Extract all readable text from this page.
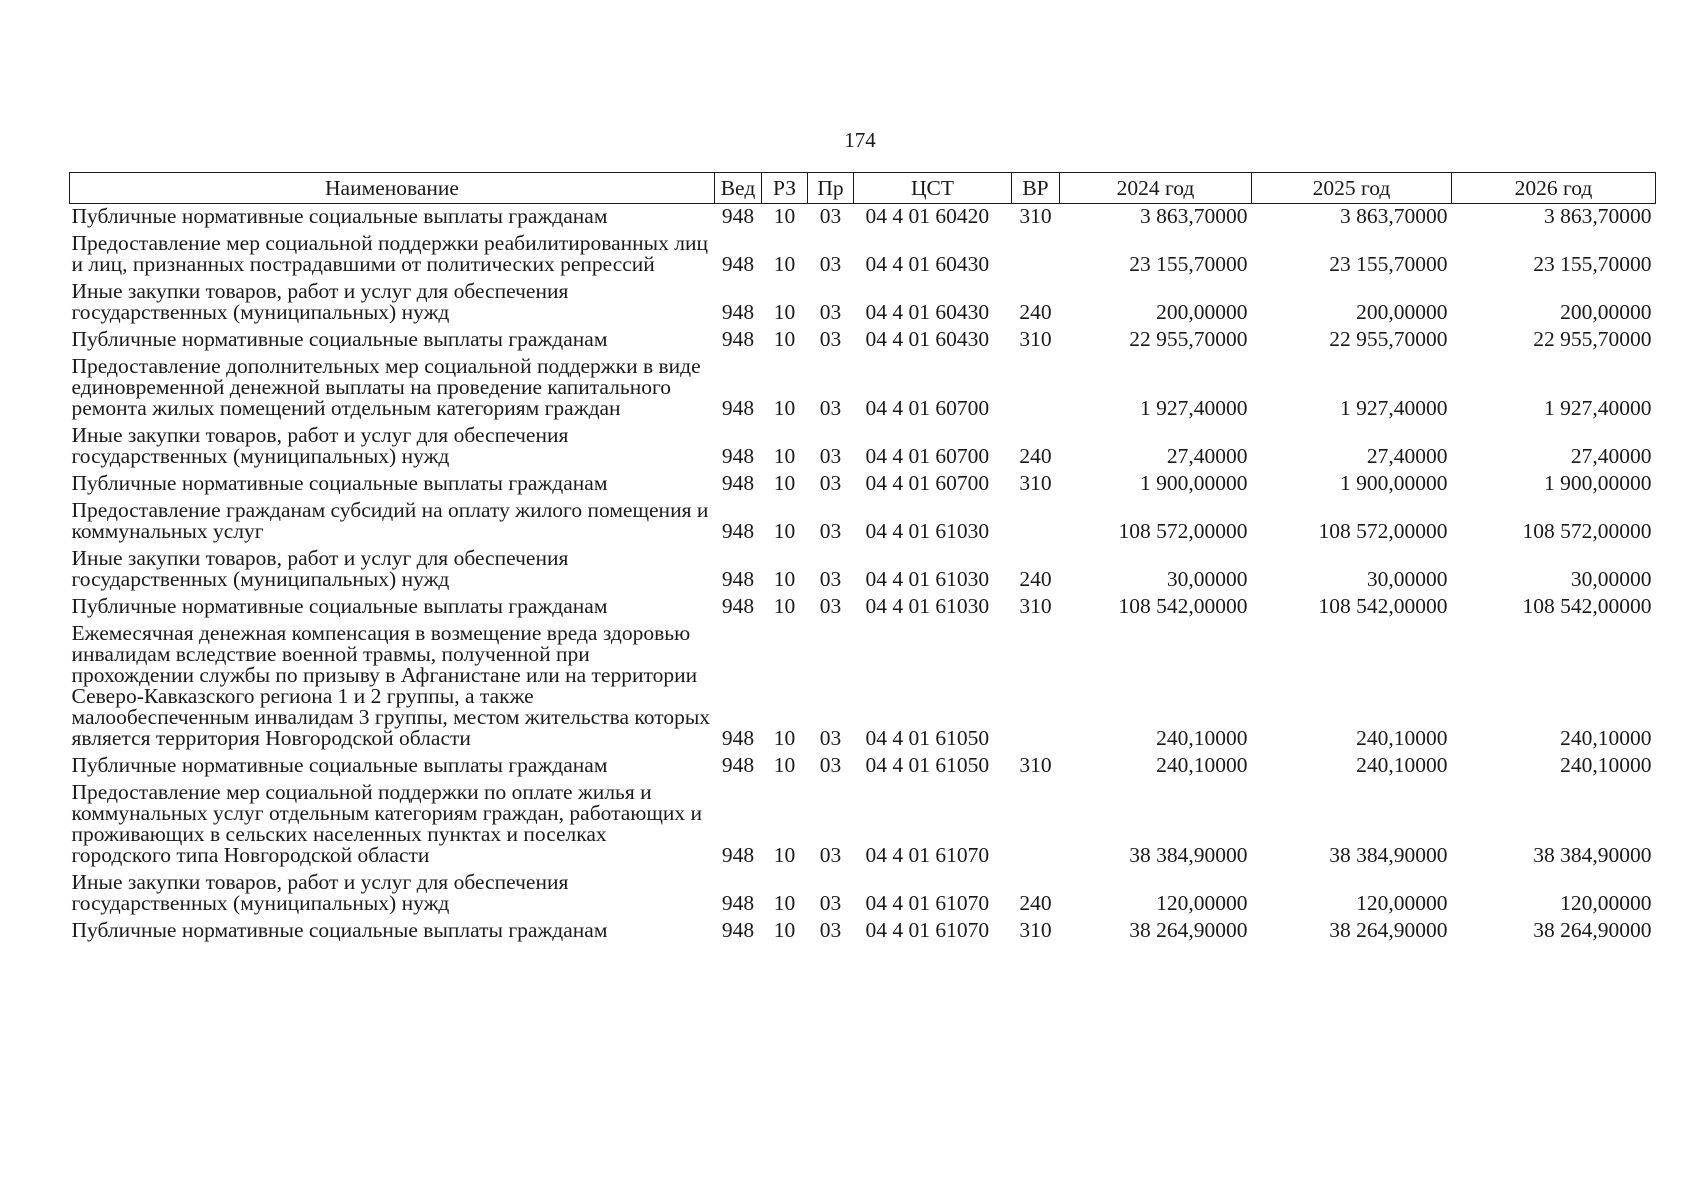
174
Наименование	Вед	РЗ	Пр	ЦСТ	ВР	2024 год	2025 год	2026 год
Публичные нормативные социальные выплаты гражданам	948	10	03	04 4 01 60420	310	3 863,70000	3 863,70000	3 863,70000
Предоставление мер социальной поддержки реабилитированных лиц и лиц, признанных пострадавшими от политических репрессий	948	10	03	04 4 01 60430		23 155,70000	23 155,70000	23 155,70000
Иные закупки товаров, работ и услуг для обеспечения государственных (муниципальных) нужд	948	10	03	04 4 01 60430	240	200,00000	200,00000	200,00000
Публичные нормативные социальные выплаты гражданам	948	10	03	04 4 01 60430	310	22 955,70000	22 955,70000	22 955,70000
Предоставление дополнительных мер социальной поддержки в виде единовременной денежной выплаты на проведение капитального ремонта жилых помещений отдельным категориям граждан	948	10	03	04 4 01 60700		1 927,40000	1 927,40000	1 927,40000
Иные закупки товаров, работ и услуг для обеспечения государственных (муниципальных) нужд	948	10	03	04 4 01 60700	240	27,40000	27,40000	27,40000
Публичные нормативные социальные выплаты гражданам	948	10	03	04 4 01 60700	310	1 900,00000	1 900,00000	1 900,00000
Предоставление гражданам субсидий на оплату жилого помещения и коммунальных услуг	948	10	03	04 4 01 61030		108 572,00000	108 572,00000	108 572,00000
Иные закупки товаров, работ и услуг для обеспечения государственных (муниципальных) нужд	948	10	03	04 4 01 61030	240	30,00000	30,00000	30,00000
Публичные нормативные социальные выплаты гражданам	948	10	03	04 4 01 61030	310	108 542,00000	108 542,00000	108 542,00000
Ежемесячная денежная компенсация в возмещение вреда здоровью инвалидам вследствие военной травмы, полученной при прохождении службы по призыву в Афганистане или на территории Северо-Кавказского региона 1 и 2 группы, а также малообеспеченным инвалидам 3 группы, местом жительства которых является территория Новгородской области	948	10	03	04 4 01 61050		240,10000	240,10000	240,10000
Публичные нормативные социальные выплаты гражданам	948	10	03	04 4 01 61050	310	240,10000	240,10000	240,10000
Предоставление мер социальной поддержки по оплате жилья и коммунальных услуг отдельным категориям граждан, работающих и проживающих в сельских населенных пунктах и поселках городского типа Новгородской области	948	10	03	04 4 01 61070		38 384,90000	38 384,90000	38 384,90000
Иные закупки товаров, работ и услуг для обеспечения государственных (муниципальных) нужд	948	10	03	04 4 01 61070	240	120,00000	120,00000	120,00000
Публичные нормативные социальные выплаты гражданам	948	10	03	04 4 01 61070	310	38 264,90000	38 264,90000	38 264,90000
